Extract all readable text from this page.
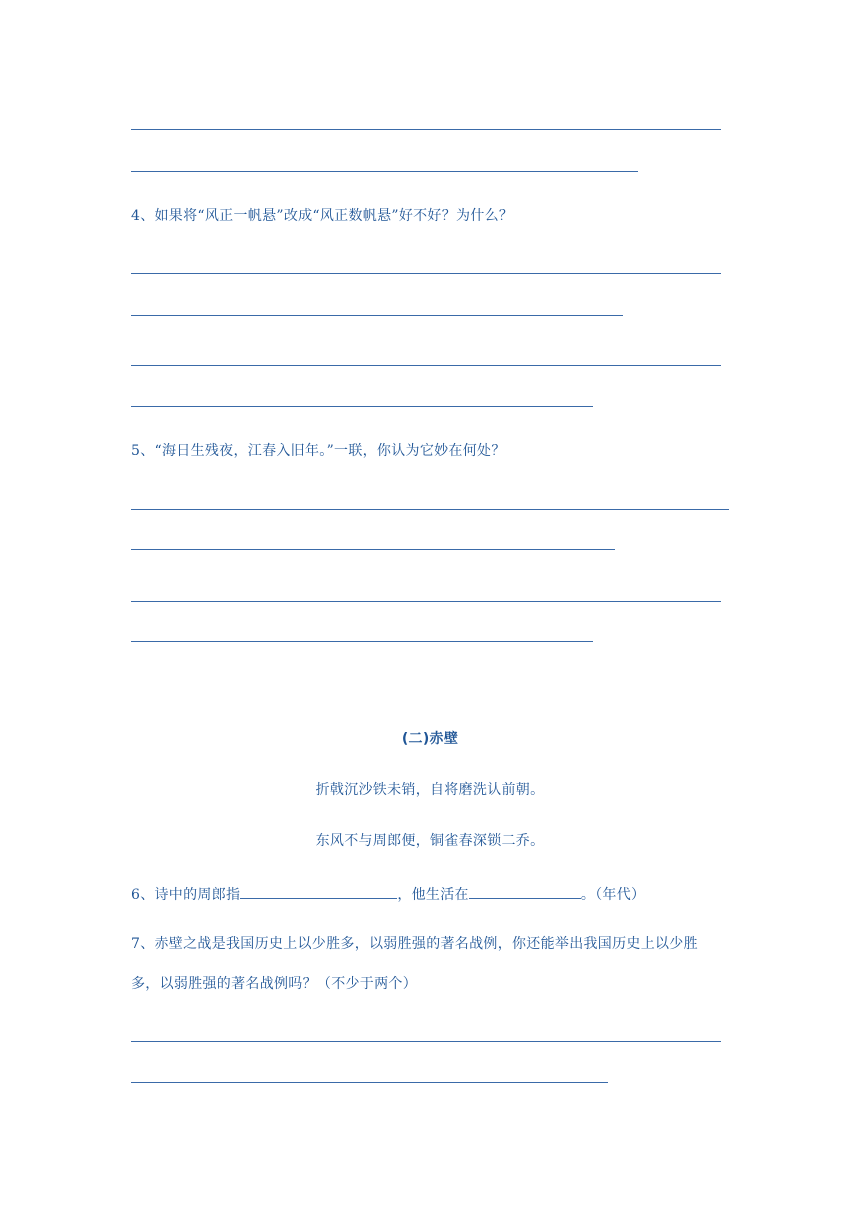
4、如果将“风正一帆悬”改成“风正数帆悬”好不好？为什么？
5、“海日生残夜，江春入旧年。”一联，你认为它妙在何处？
(二)赤壁
折戟沉沙铁未销，自将磨洗认前朝。
东风不与周郎便，铜雀春深锁二乔。
6、诗中的周郎指	，他生活在	。（年代）
7、赤壁之战是我国历史上以少胜多，以弱胜强的著名战例，你还能举出我国历史上以少胜
多，以弱胜强的著名战例吗？（不少于两个）
